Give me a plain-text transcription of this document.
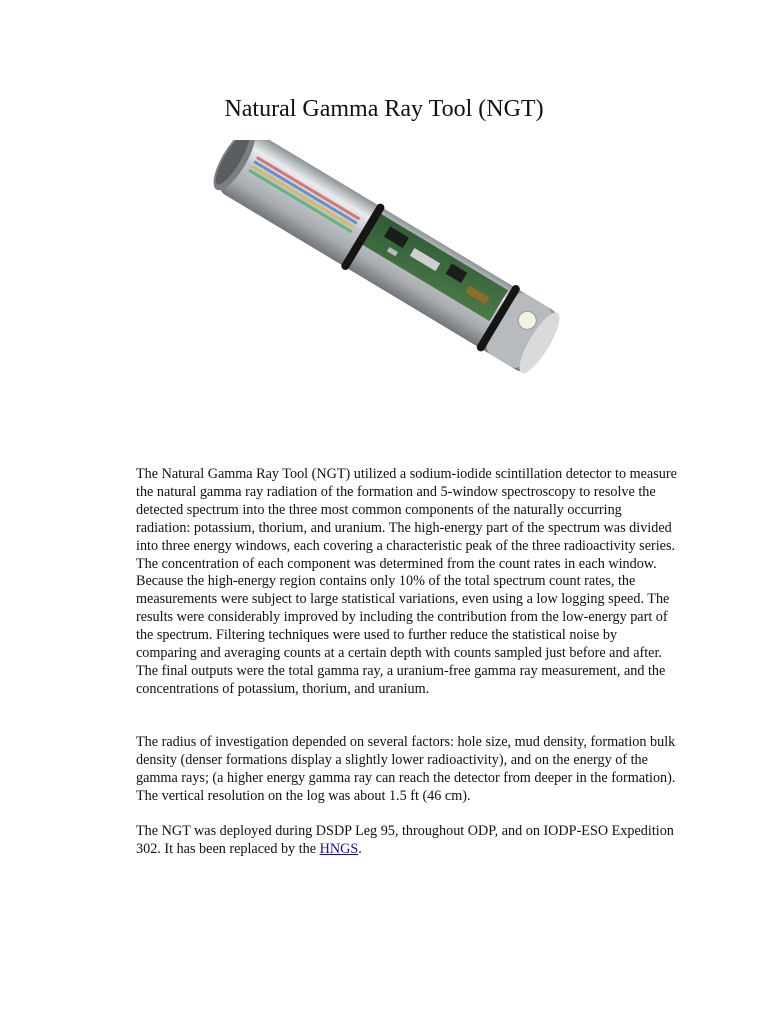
Natural Gamma Ray Tool (NGT)

The Natural Gamma Ray Tool (NGT) utilized a sodium-iodide scintillation detector to measure the natural gamma ray radiation of the formation and 5-window spectroscopy to resolve the detected spectrum into the three most common components of the naturally occurring radiation: potassium, thorium, and uranium. The high-energy part of the spectrum was divided into three energy windows, each covering a characteristic peak of the three radioactivity series. The concentration of each component was determined from the count rates in each window. Because the high-energy region contains only 10% of the total spectrum count rates, the measurements were subject to large statistical variations, even using a low logging speed. The results were considerably improved by including the contribution from the low-energy part of the spectrum. Filtering techniques were used to further reduce the statistical noise by comparing and averaging counts at a certain depth with counts sampled just before and after. The final outputs were the total gamma ray, a uranium-free gamma ray measurement, and the concentrations of potassium, thorium, and uranium.

The radius of investigation depended on several factors: hole size, mud density, formation bulk density (denser formations display a slightly lower radioactivity), and on the energy of the gamma rays; (a higher energy gamma ray can reach the detector from deeper in the formation). The vertical resolution on the log was about 1.5 ft (46 cm).

The NGT was deployed during DSDP Leg 95, throughout ODP, and on IODP-ESO Expedition 302. It has been replaced by the HNGS.
